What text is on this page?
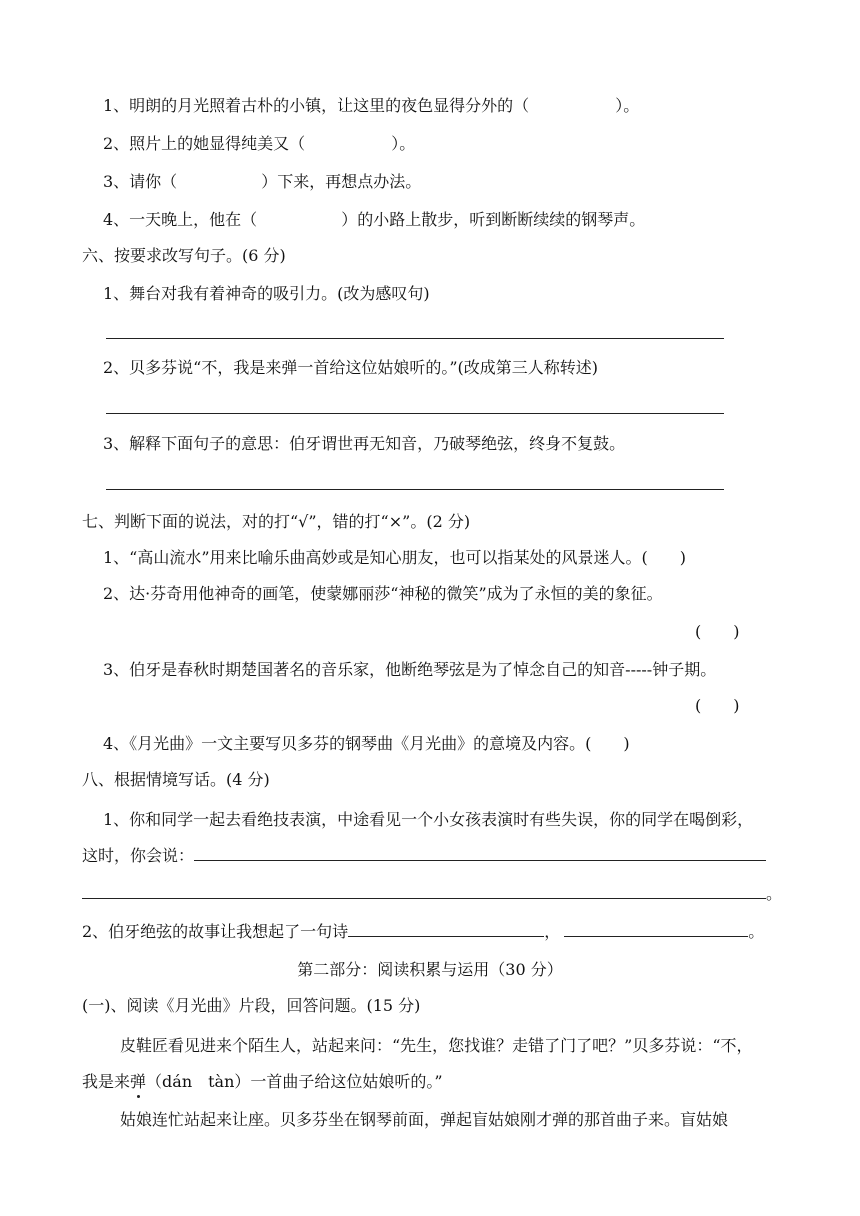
1、明朗的月光照着古朴的小镇，让这里的夜色显得分外的（	）。
2、照片上的她显得纯美又（	）。
3、请你（	）下来，再想点办法。
4、一天晚上，他在（	）的小路上散步，听到断断续续的钢琴声。
六、按要求改写句子。(6 分)
1、舞台对我有着神奇的吸引力。(改为感叹句)
2、贝多芬说“不，我是来弹一首给这位姑娘听的。”(改成第三人称转述)
3、解释下面句子的意思：伯牙谓世再无知音，乃破琴绝弦，终身不复鼓。
七、判断下面的说法，对的打“√”，错的打“×”。(2 分)
1、“高山流水”用来比喻乐曲高妙或是知心朋友，也可以指某处的风景迷人。(　　)
2、达·芬奇用他神奇的画笔，使蒙娜丽莎“神秘的微笑”成为了永恒的美的象征。
(　　)
3、伯牙是春秋时期楚国著名的音乐家，他断绝琴弦是为了悼念自己的知音-----钟子期。
(　　)
4、《月光曲》一文主要写贝多芬的钢琴曲《月光曲》的意境及内容。(　　)
八、根据情境写话。(4 分)
1、你和同学一起去看绝技表演，中途看见一个小女孩表演时有些失误，你的同学在喝倒彩，
这时，你会说：
。
2、伯牙绝弦的故事让我想起了一句诗	，	。
第二部分：阅读积累与运用（30 分）
(一)、阅读《月光曲》片段，回答问题。(15 分)
皮鞋匠看见进来个陌生人，站起来问：“先生，您找谁？走错了门了吧？”贝多芬说：“不，
我是来弹（dán　tàn）一首曲子给这位姑娘听的。”
姑娘连忙站起来让座。贝多芬坐在钢琴前面，弹起盲姑娘刚才弹的那首曲子来。盲姑娘
